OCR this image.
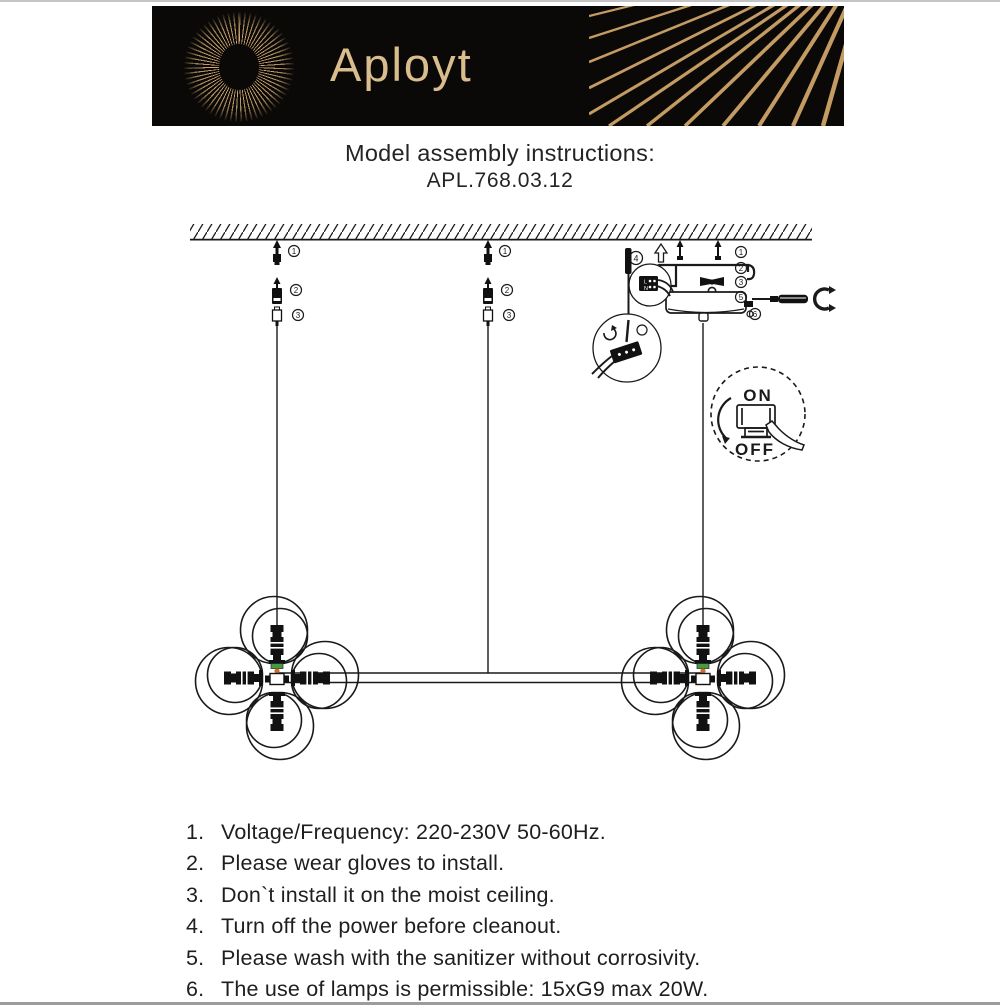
Aployt
Model assembly instructions:
APL.768.03.12
1
2
3
1
2
3
1
2
3
5
6
4
L
N
ON
OFF
1. Voltage/Frequency: 220-230V 50-60Hz.
2. Please wear gloves to install.
3. Don`t install it on the moist ceiling.
4. Turn off the power before cleanout.
5. Please wash with the sanitizer without corrosivity.
6. The use of lamps is permissible: 15xG9 max 20W.
